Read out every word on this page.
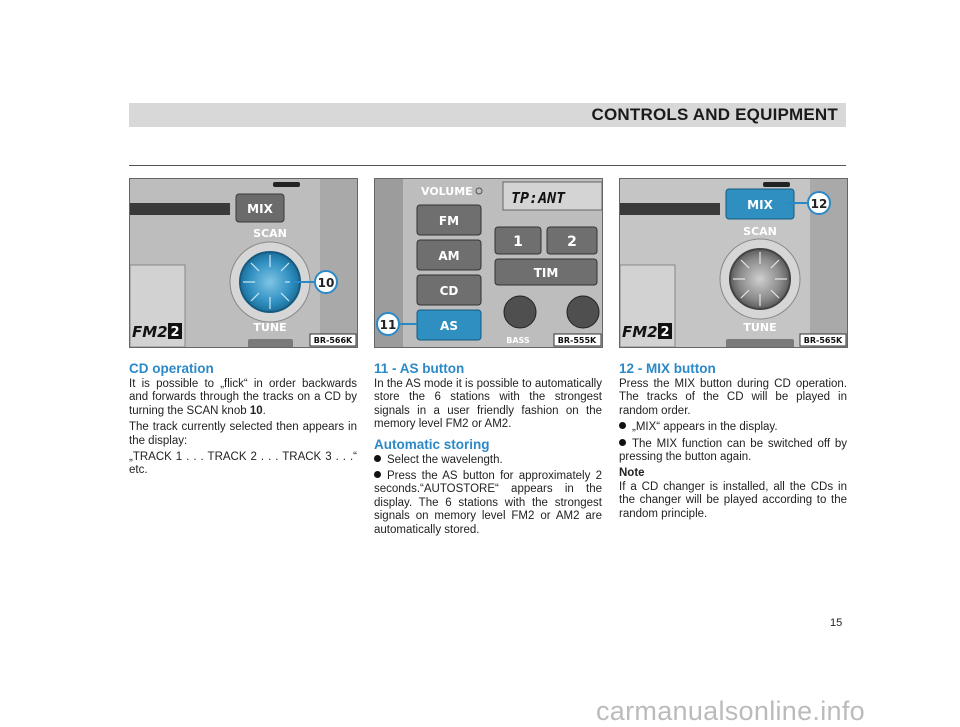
CONTROLS AND EQUIPMENT
MIX
SCAN
10
FM2 2	TUNE
BR-566K
VOLUME	TP:ANT
FM
AM
CD
AS
11
1	2
TIM
BASS	BR-555K
MIX	12
SCAN
FM2 2	TUNE
BR-565K
CD operation

It is possible to „flick“ in order backwards and forwards through the tracks on a CD by turning the SCAN knob 10.

The track currently selected then appears in the display:

„TRACK 1 . . . TRACK 2 . . . TRACK 3 . . .“ etc.

11 - AS button

In the AS mode it is possible to automatically store the 6 stations with the strongest signals in a user friendly fashion on the memory level FM2 or AM2.

Automatic storing

Select the wavelength.

Press the AS button for approximately 2 seconds.“AUTOSTORE“ appears in the display. The 6 stations with the strongest signals on memory level FM2 or AM2 are automatically stored.

12 - MIX button

Press the MIX button during CD operation. The tracks of the CD will be played in random order.

„MIX“ appears in the display.

The MIX function can be switched off by pressing the button again.

Note

If a CD changer is installed, all the CDs in the changer will be played according to the random principle.

15
carmanualsonline.info
